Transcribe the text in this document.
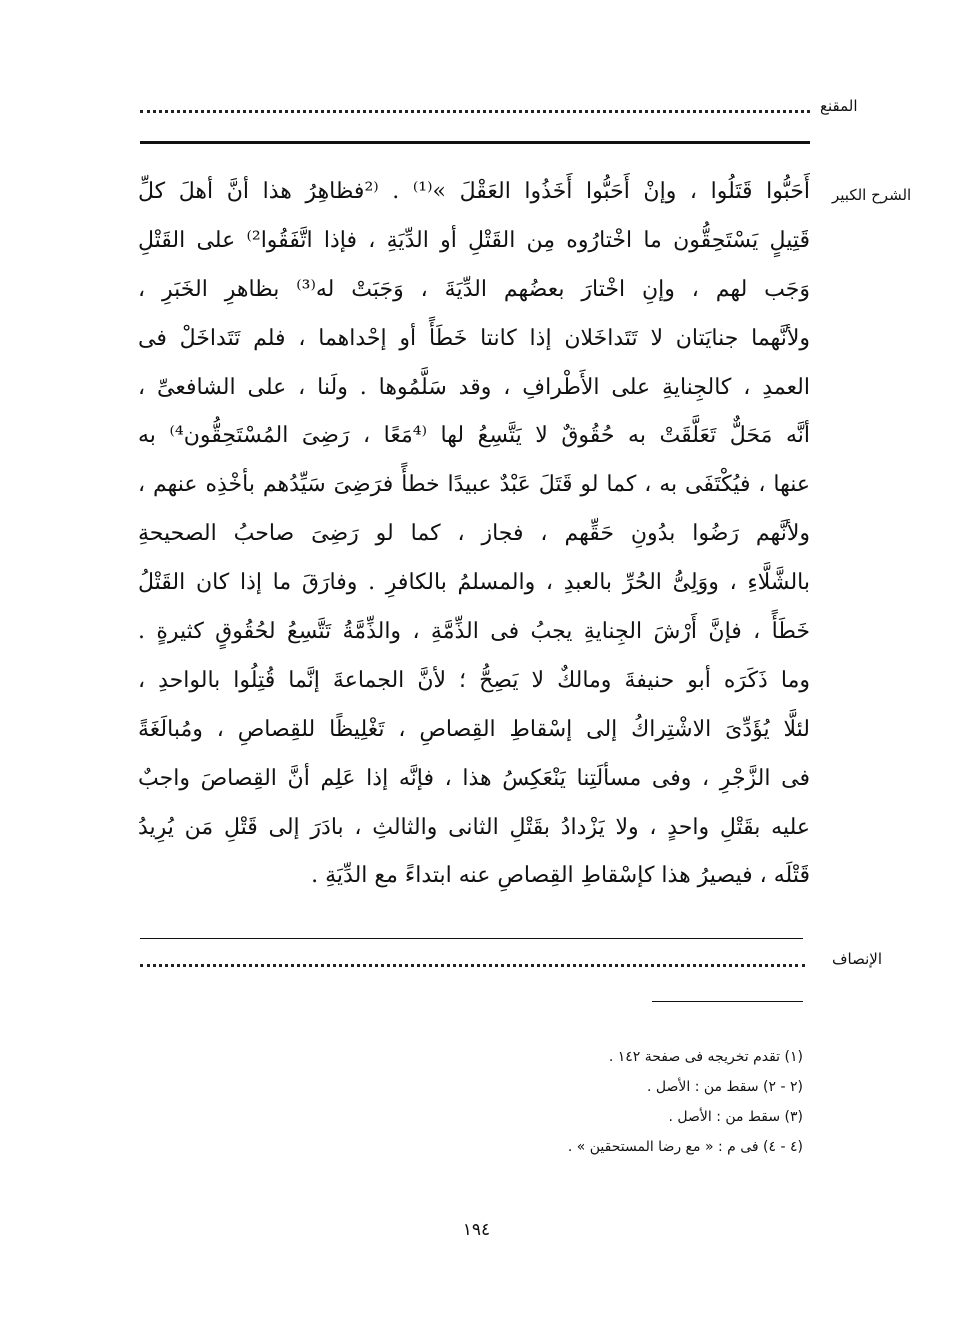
المقنع
الشرح الكبير
أَحَبُّوا قَتَلُوا ، وإنْ أَحَبُّوا أَخَذُوا العَقْلَ »⁽¹⁾ . ⁽²فظاهِرُ هذا أنَّ أهلَ كلِّ
قَتِيلٍ يَسْتَحِقُّون ما اخْتارُوه مِن القَتْلِ أو الدِّيَةِ ، فإذا اتَّفَقُوا²⁾ على القَتْلِ
وَجَب لهم ، وإنِ اخْتارَ بعضُهم الدِّيَةَ ، وَجَبَتْ له⁽³⁾ بظاهرِ الخَبَرِ ،
ولأنَّهما جنايَتان لا تَتَداخَلان إذا كانتا خَطَأً أو إحْداهما ، فلم تَتَداخَلْ فى
العمدِ ، كالجِنايةِ على الأَطْرافِ ، وقد سَلَّمُوها . ولَنا ، على الشافعىِّ ،
أنَّه مَحَلٌّ تَعَلَّقَتْ به حُقُوقٌ لا يَتَّسِعُ لها ⁽⁴مَعًا ، رَضِىَ المُسْتَحِقُّون⁴⁾ به
عنها ، فيُكْتَفَى به ، كما لو قَتَلَ عَبْدٌ عبيدًا خطأً فرَضِىَ سَيِّدُهم بأخْذِه عنهم ،
ولأنَّهم رَضُوا بدُونِ حَقِّهم ، فجاز ، كما لو رَضِىَ صاحبُ الصحيحةِ
بالشَّلَّاءِ ، ووَلِىُّ الحُرِّ بالعبدِ ، والمسلمُ بالكافرِ . وفارَقَ ما إذا كان القَتْلُ
خَطَأً ، فإنَّ أَرْشَ الجِنايةِ يجبُ فى الذِّمَّةِ ، والذِّمَّةُ تَتَّسِعُ لحُقُوقٍ كثيرةٍ .
وما ذَكَرَه أبو حنيفةَ ومالكٌ لا يَصِحُّ ؛ لأنَّ الجماعةَ إنَّما قُتِلُوا بالواحدِ ،
لئلَّا يُؤَدِّىَ الاشْتِراكُ إلى إسْقاطِ القِصاصِ ، تَغْلِيظًا للقِصاصِ ، ومُبالَغَةً
فى الزَّجْرِ ، وفى مسألَتِنا يَنْعَكِسُ هذا ، فإنَّه إذا عَلِم أنَّ القِصاصَ واجبٌ
عليه بقَتْلِ واحدٍ ، ولا يَزْدادُ بقَتْلِ الثانى والثالثِ ، بادَرَ إلى قَتْلِ مَن يُرِيدُ
قَتْلَه ، فيصيرُ هذا كإسْقاطِ القِصاصِ عنه ابتداءً مع الدِّيَةِ .
الإنصاف
(١) تقدم تخريجه فى صفحة ١٤٢ .
(٢ - ٢) سقط من : الأصل .
(٣) سقط من : الأصل .
(٤ - ٤) فى م : « مع رضا المستحقين » .
١٩٤
